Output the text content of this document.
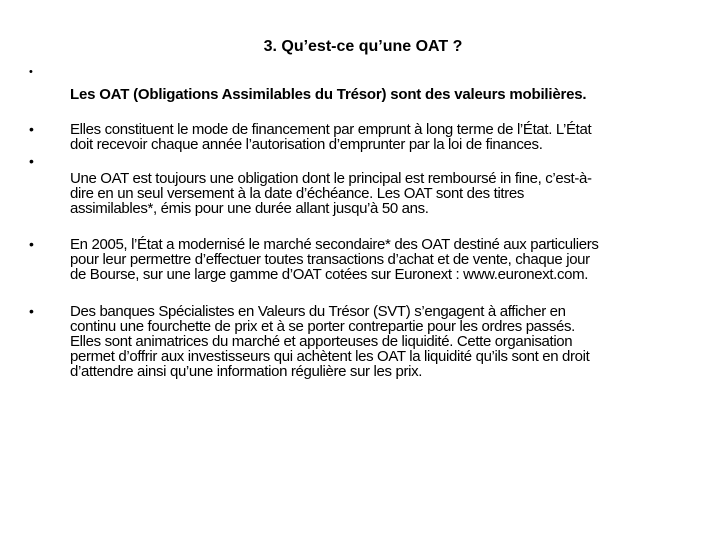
3. Qu’est-ce qu’une OAT ?
•
Les OAT (Obligations Assimilables du Trésor) sont des valeurs mobilières.
• Elles constituent le mode de financement par emprunt à long terme de l’État. L’État
doit recevoir chaque année l’autorisation d’emprunter par la loi de finances.
•
Une OAT est toujours une obligation dont le principal est remboursé in fine, c’est-à-
dire en un seul versement à la date d’échéance. Les OAT sont des titres
assimilables*, émis pour une durée allant jusqu’à 50 ans.
• En 2005, l’État a modernisé le marché secondaire* des OAT destiné aux particuliers
pour leur permettre d’effectuer toutes transactions d’achat et de vente, chaque jour
de Bourse, sur une large gamme d’OAT cotées sur Euronext : www.euronext.com.
• Des banques Spécialistes en Valeurs du Trésor (SVT) s’engagent à afficher en
continu une fourchette de prix et à se porter contrepartie pour les ordres passés.
Elles sont animatrices du marché et apporteuses de liquidité. Cette organisation
permet d’offrir aux investisseurs qui achètent les OAT la liquidité qu’ils sont en droit
d’attendre ainsi qu’une information régulière sur les prix.
